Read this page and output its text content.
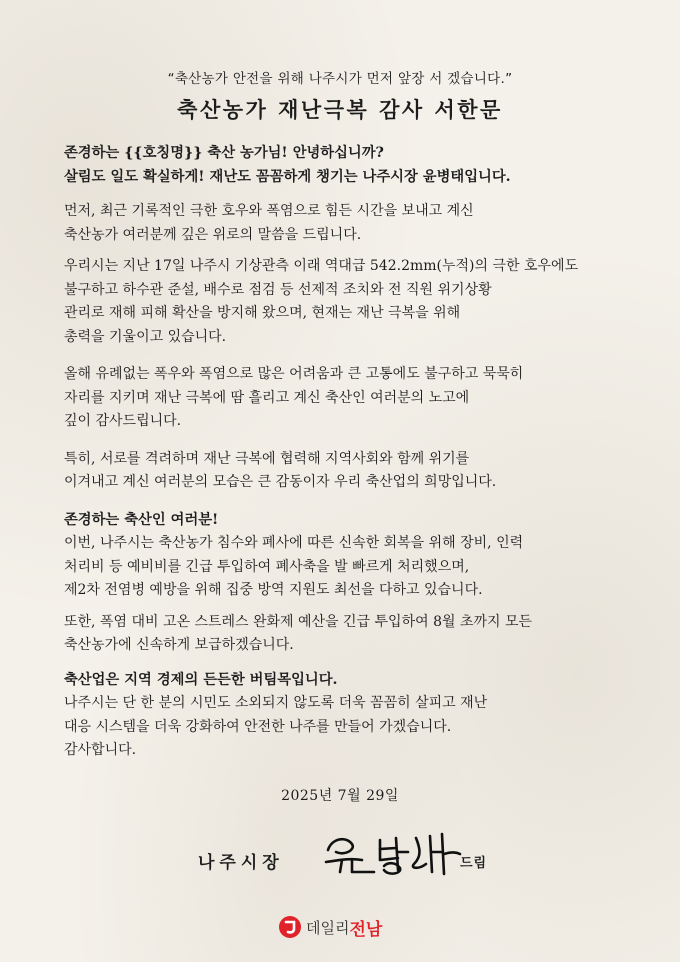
“축산농가 안전을 위해 나주시가 먼저 앞장 서 겠습니다.”
축산농가 재난극복 감사 서한문

존경하는 {{호칭명}} 축산 농가님! 안녕하십니까?

살림도 일도 확실하게! 재난도 꼼꼼하게 챙기는 나주시장 윤병태입니다.

먼저, 최근 기록적인 극한 호우와 폭염으로 힘든 시간을 보내고 계신

축산농가 여러분께 깊은 위로의 말씀을 드립니다.

우리시는 지난 17일 나주시 기상관측 이래 역대급 542.2mm(누적)의 극한 호우에도

불구하고 하수관 준설, 배수로 점검 등 선제적 조치와 전 직원 위기상황

관리로 재해 피해 확산을 방지해 왔으며, 현재는 재난 극복을 위해

총력을 기울이고 있습니다.

올해 유례없는 폭우와 폭염으로 많은 어려움과 큰 고통에도 불구하고 묵묵히

자리를 지키며 재난 극복에 땀 흘리고 계신 축산인 여러분의 노고에

깊이 감사드립니다.

특히, 서로를 격려하며 재난 극복에 협력해 지역사회와 함께 위기를

이겨내고 계신 여러분의 모습은 큰 감동이자 우리 축산업의 희망입니다.

존경하는 축산인 여러분!

이번, 나주시는 축산농가 침수와 폐사에 따른 신속한 회복을 위해 장비, 인력

처리비 등 예비비를 긴급 투입하여 폐사축을 발 빠르게 처리했으며,

제2차 전염병 예방을 위해 집중 방역 지원도 최선을 다하고 있습니다.

또한, 폭염 대비 고온 스트레스 완화제 예산을 긴급 투입하여 8월 초까지 모든

축산농가에 신속하게 보급하겠습니다.

축산업은 지역 경제의 든든한 버팀목입니다.

나주시는 단 한 분의 시민도 소외되지 않도록 더욱 꼼꼼히 살피고 재난

대응 시스템을 더욱 강화하여 안전한 나주를 만들어 가겠습니다.

감사합니다.

2025년 7월 29일
나주시장	드림
데일리 전남
